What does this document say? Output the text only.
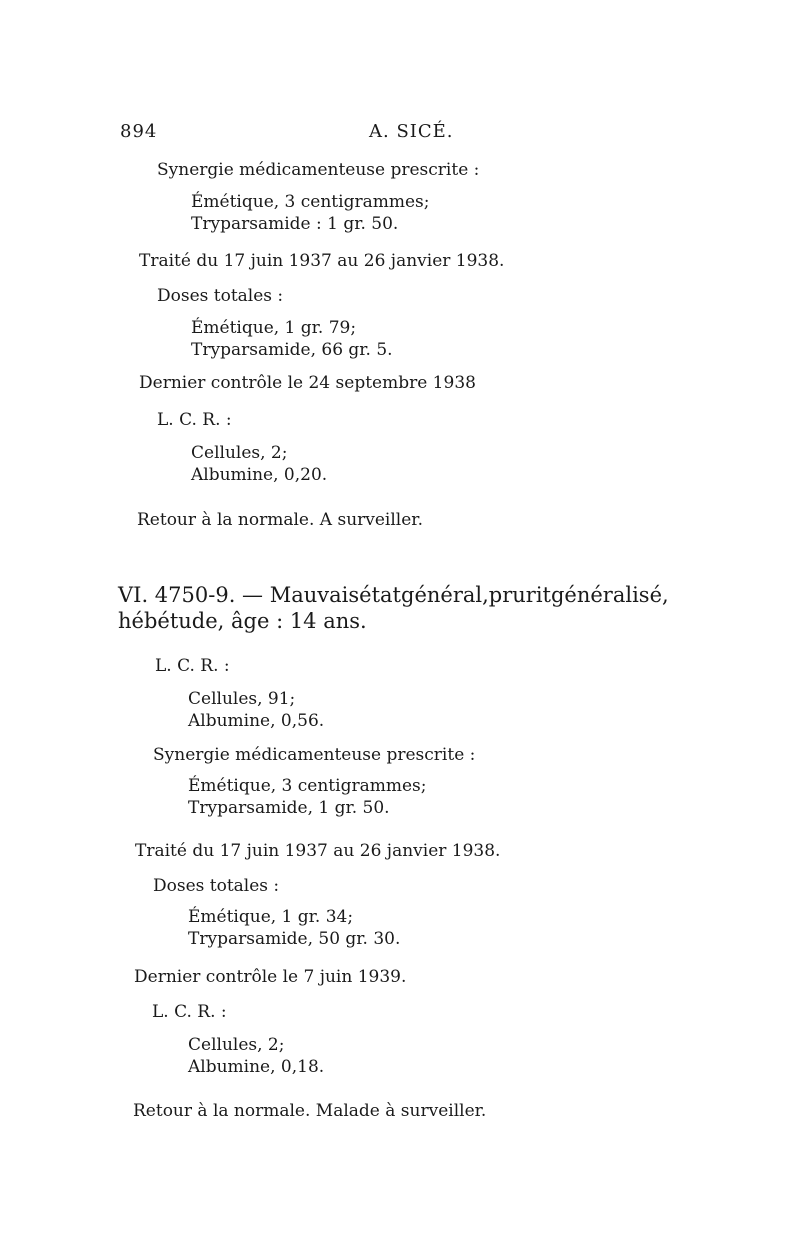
894	A. SICÉ.
Synergie médicamenteuse prescrite :
Émétique, 3 centigrammes;
Tryparsamide : 1 gr. 50.
Traité du 17 juin 1937 au 26 janvier 1938.
Doses totales :
Émétique, 1 gr. 79;
Tryparsamide, 66 gr. 5.
Dernier contrôle le 24 septembre 1938
L. C. R. :
Cellules, 2;
Albumine, 0,20.
Retour à la normale. A surveiller.
VI. 4750-9. — Mauvais état général, prurit généralisé,
hébétude, âge : 14 ans.
L. C. R. :
Cellules, 91;
Albumine, 0,56.
Synergie médicamenteuse prescrite :
Émétique, 3 centigrammes;
Tryparsamide, 1 gr. 50.
Traité du 17 juin 1937 au 26 janvier 1938.
Doses totales :
Émétique, 1 gr. 34;
Tryparsamide, 50 gr. 30.
Dernier contrôle le 7 juin 1939.
L. C. R. :
Cellules, 2;
Albumine, 0,18.
Retour à la normale. Malade à surveiller.
